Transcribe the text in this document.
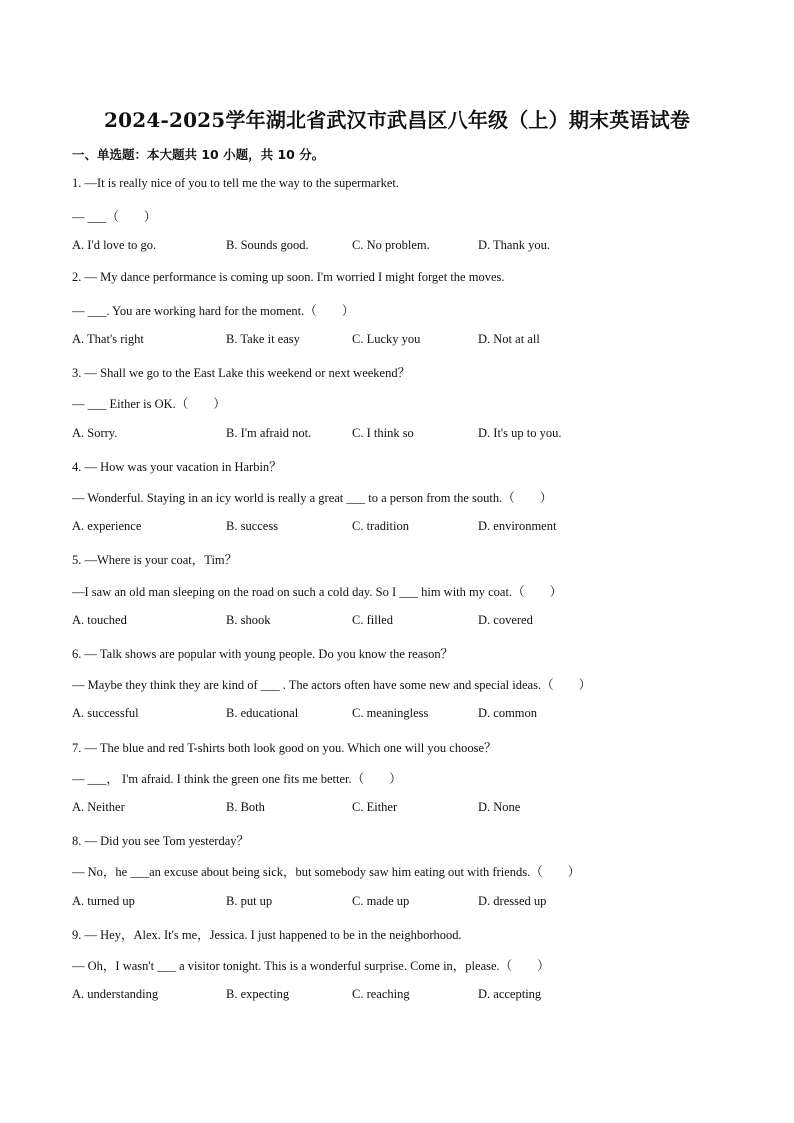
2024-2025学年湖北省武汉市武昌区八年级（上）期末英语试卷
一、单选题：本大题共 10 小题，共 10 分。
1. —It is really nice of you to tell me the way to the supermarket.
— ___（　　）
A. I'd love to go.	B. Sounds good.	C. No problem.	D. Thank you.
2. — My dance performance is coming up soon. I'm worried I might forget the moves.
— ___. You are working hard for the moment.（　　）
A. That's right	B. Take it easy	C. Lucky you	D. Not at all
3. — Shall we go to the East Lake this weekend or next weekend？
— ___ Either is OK.（　　）
A. Sorry.	B. I'm afraid not.	C. I think so	D. It's up to you.
4. — How was your vacation in Harbin？
— Wonderful. Staying in an icy world is really a great ___ to a person from the south.（　　）
A. experience	B. success	C. tradition	D. environment
5. —Where is your coat，Tim？
—I saw an old man sleeping on the road on such a cold day. So I ___ him with my coat.（　　）
A. touched	B. shook	C. filled	D. covered
6. — Talk shows are popular with young people. Do you know the reason？
— Maybe they think they are kind of ___ . The actors often have some new and special ideas.（　　）
A. successful	B. educational	C. meaningless	D. common
7. — The blue and red T-shirts both look good on you. Which one will you choose？
— ___， I'm afraid. I think the green one fits me better.（　　）
A. Neither	B. Both	C. Either	D. None
8. — Did you see Tom yesterday？
— No，he ___an excuse about being sick，but somebody saw him eating out with friends.（　　）
A. turned up	B. put up	C. made up	D. dressed up
9. — Hey，Alex. It's me，Jessica. I just happened to be in the neighborhood.
— Oh，I wasn't ___ a visitor tonight. This is a wonderful surprise. Come in，please.（　　）
A. understanding	B. expecting	C. reaching	D. accepting
